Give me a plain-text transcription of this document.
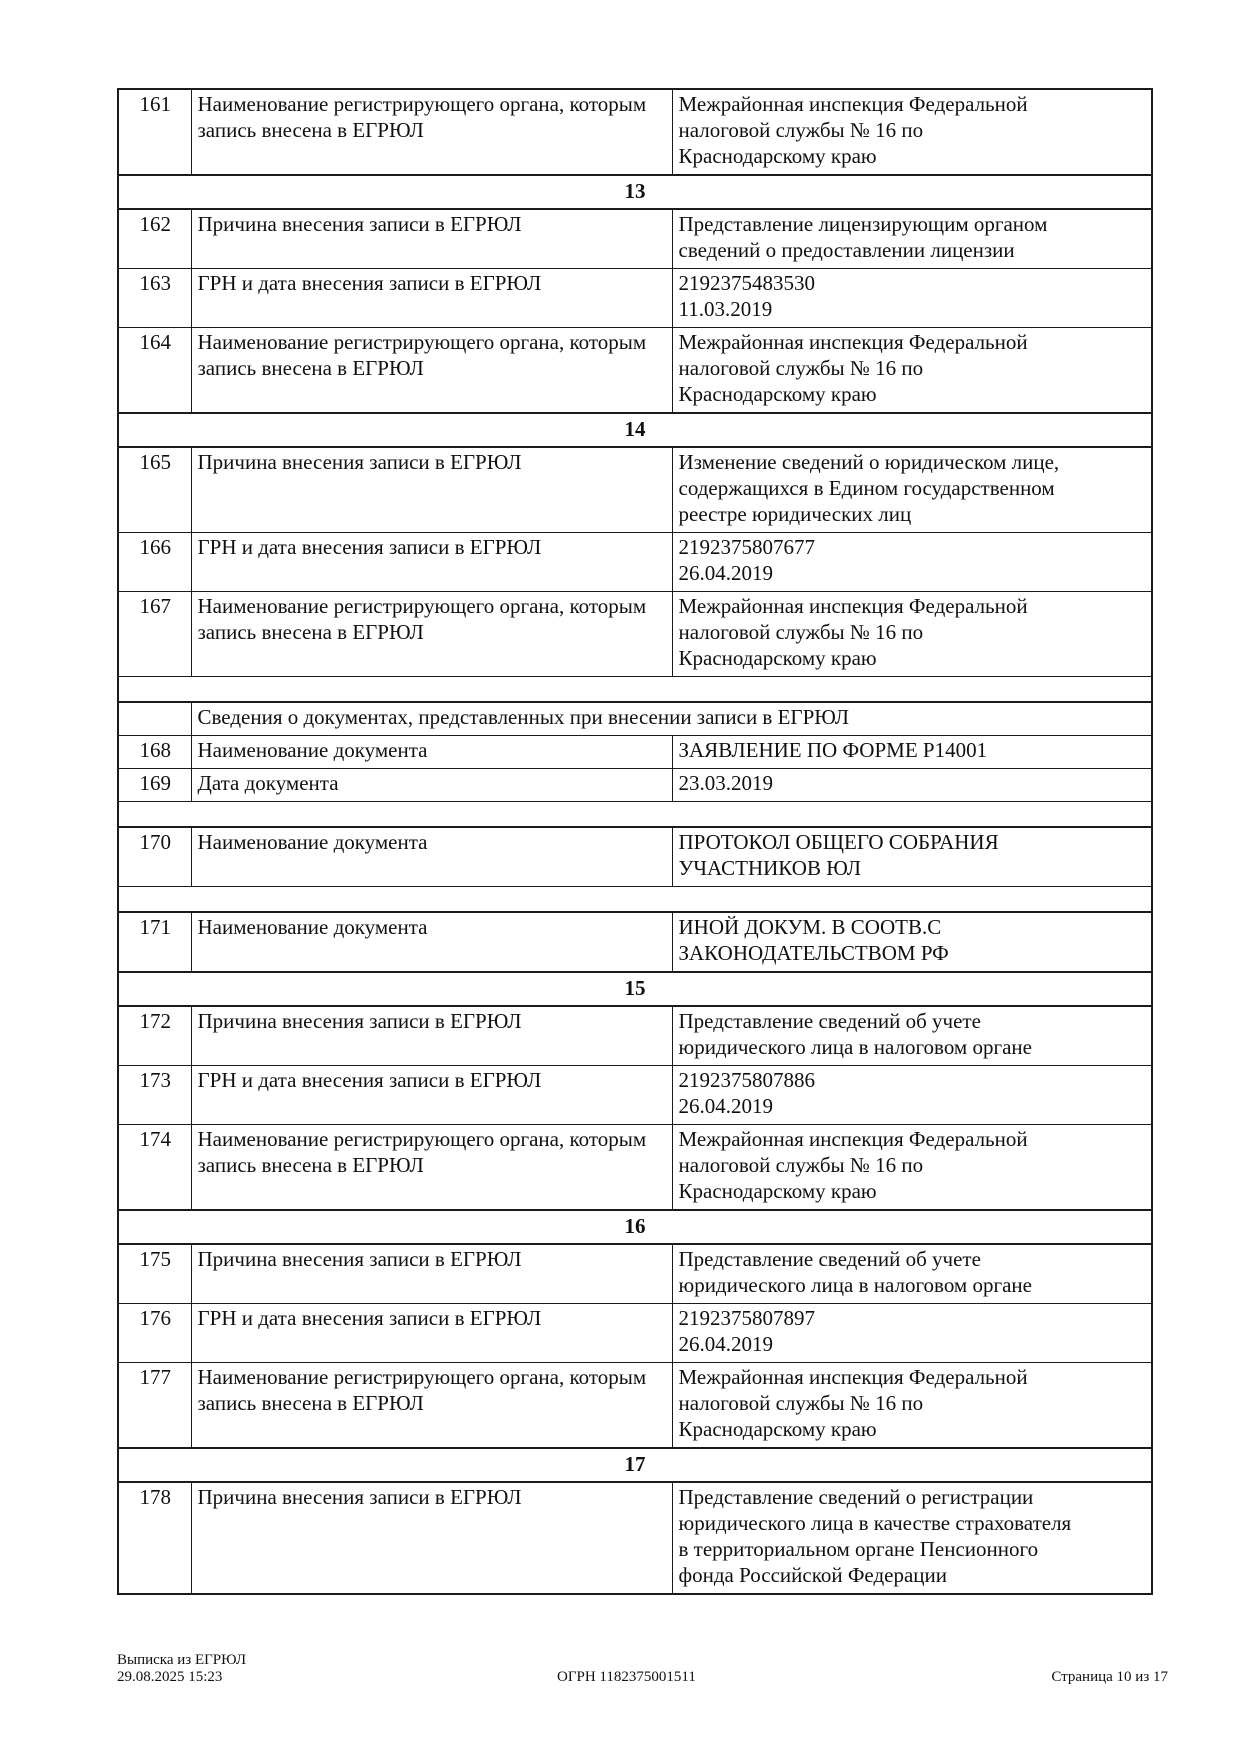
161	Наименование регистрирующего органа, которым запись внесена в ЕГРЮЛ	Межрайонная инспекция Федеральной
налоговой службы № 16 по
Краснодарскому краю

13		
162	Причина внесения записи в ЕГРЮЛ	Представление лицензирующим органом
сведений о предоставлении лицензии

163	ГРН и дата внесения записи в ЕГРЮЛ	2192375483530
11.03.2019

164	Наименование регистрирующего органа, которым запись внесена в ЕГРЮЛ	Межрайонная инспекция Федеральной
налоговой службы № 16 по
Краснодарскому краю

14		
165	Причина внесения записи в ЕГРЮЛ	Изменение сведений о юридическом лице,
содержащихся в Едином государственном
реестре юридических лиц

166	ГРН и дата внесения записи в ЕГРЮЛ	2192375807677
26.04.2019

167	Наименование регистрирующего органа, которым запись внесена в ЕГРЮЛ	Межрайонная инспекция Федеральной
налоговой службы № 16 по
Краснодарскому краю

	Сведения о документах, представленных при внесении записи в ЕГРЮЛ	
168	Наименование документа	ЗАЯВЛЕНИЕ ПО ФОРМЕ Р14001

169	Дата документа	23.03.2019

170	Наименование документа	ПРОТОКОЛ ОБЩЕГО СОБРАНИЯ
УЧАСТНИКОВ ЮЛ

171	Наименование документа	ИНОЙ ДОКУМ. В СООТВ.С
ЗАКОНОДАТЕЛЬСТВОМ РФ

15		
172	Причина внесения записи в ЕГРЮЛ	Представление сведений об учете
юридического лица в налоговом органе

173	ГРН и дата внесения записи в ЕГРЮЛ	2192375807886
26.04.2019

174	Наименование регистрирующего органа, которым запись внесена в ЕГРЮЛ	Межрайонная инспекция Федеральной
налоговой службы № 16 по
Краснодарскому краю

16		
175	Причина внесения записи в ЕГРЮЛ	Представление сведений об учете
юридического лица в налоговом органе

176	ГРН и дата внесения записи в ЕГРЮЛ	2192375807897
26.04.2019

177	Наименование регистрирующего органа, которым запись внесена в ЕГРЮЛ	Межрайонная инспекция Федеральной
налоговой службы № 16 по
Краснодарскому краю

17		
178	Причина внесения записи в ЕГРЮЛ	Представление сведений о регистрации
юридического лица в качестве страхователя
в территориальном органе Пенсионного
фонда Российской Федерации
Выписка из ЕГРЮЛ
29.08.2025 15:23	ОГРН 1182375001511	Страница 10 из 17
